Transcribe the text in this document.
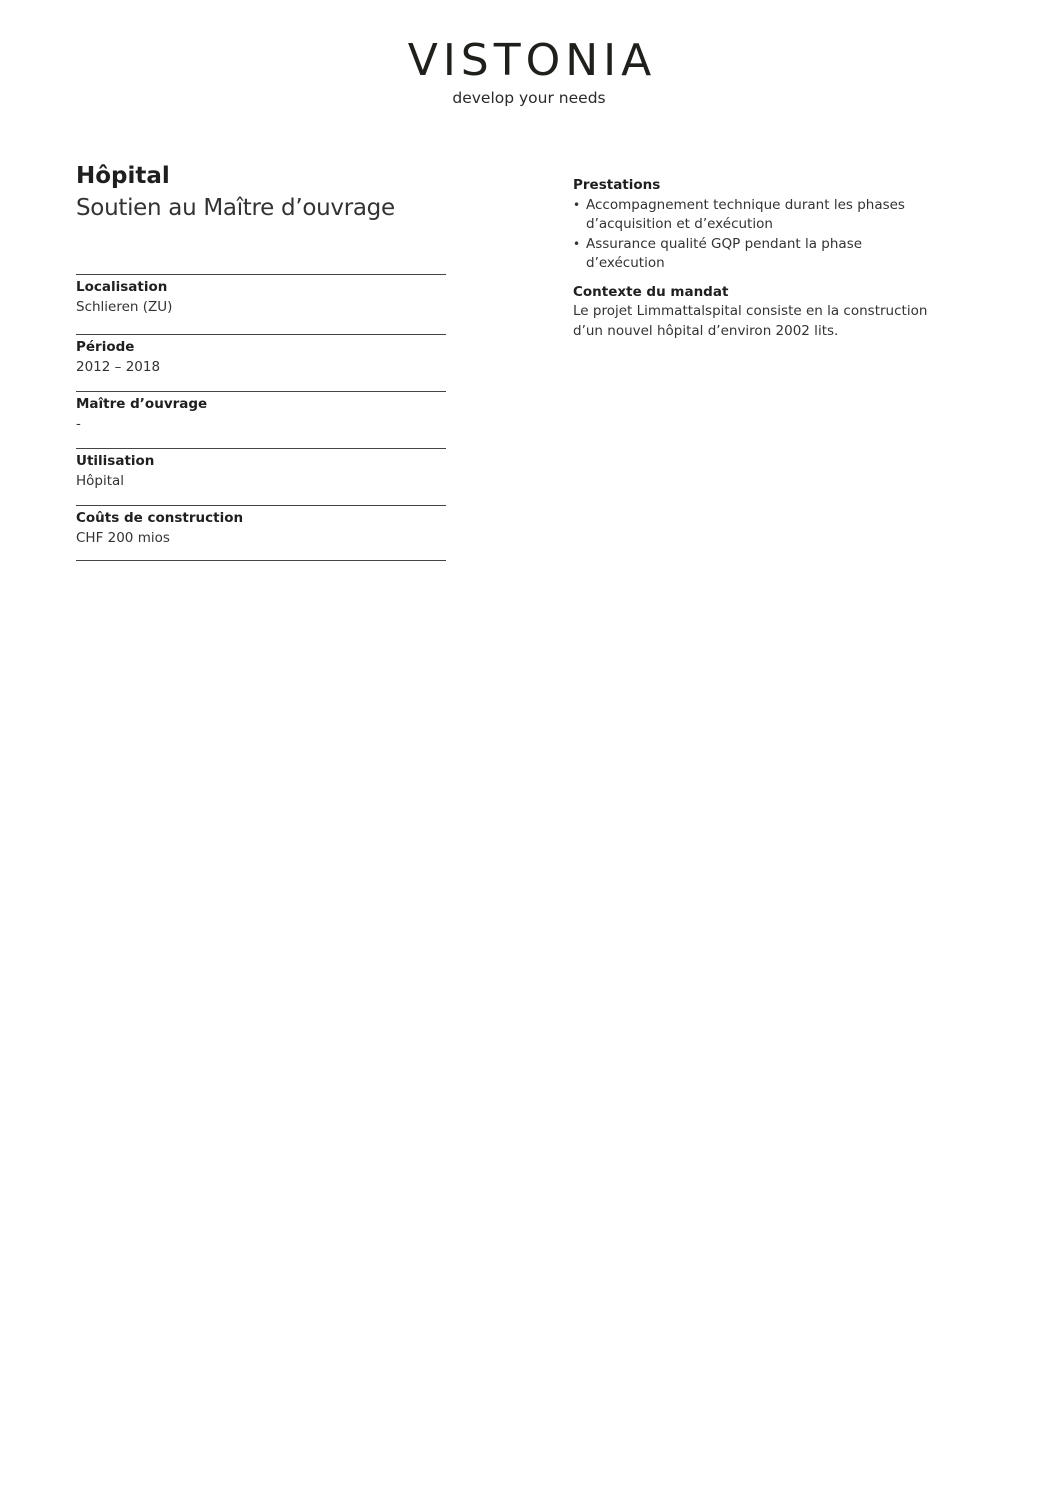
VISTONIA
develop your needs
Hôpital
Soutien au Maître d’ouvrage
Localisation
Schlieren (ZU)
Période
2012 – 2018
Maître d’ouvrage
-
Utilisation
Hôpital
Coûts de construction
CHF 200 mios
Prestations
• Accompagnement technique durant les phases
d’acquisition et d’exécution
• Assurance qualité GQP pendant la phase
d’exécution
Contexte du mandat
Le projet Limmattalspital consiste en la construction
d’un nouvel hôpital d’environ 2002 lits.
